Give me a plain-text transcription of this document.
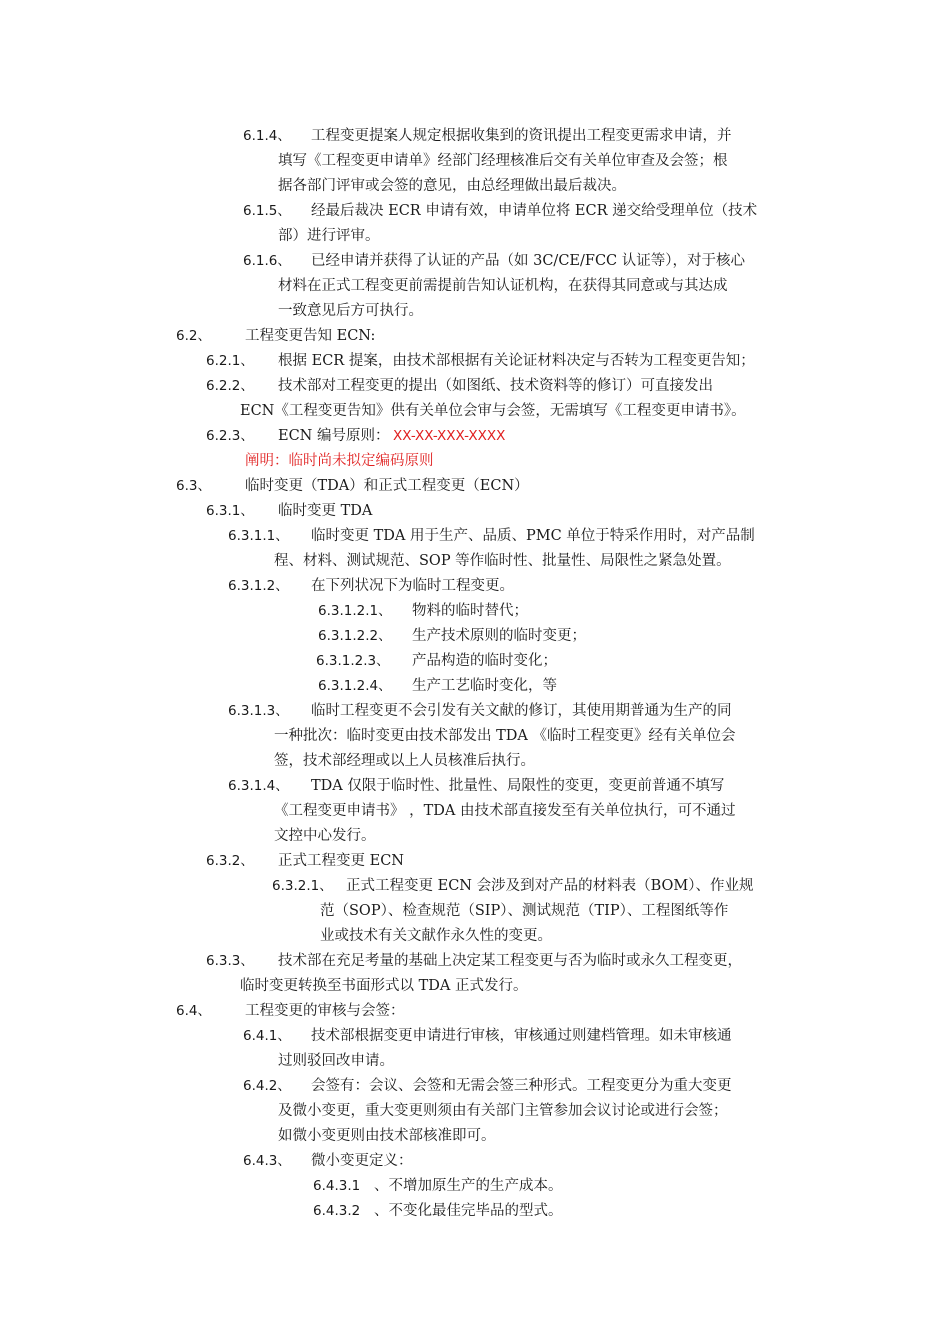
6.1.4、 工程变更提案人规定根据收集到的资讯提出工程变更需求申请，并
填写《工程变更申请单》经部门经理核准后交有关单位审查及会签；根
据各部门评审或会签的意见，由总经理做出最后裁决。
6.1.5、 经最后裁决 ECR 申请有效，申请单位将 ECR 递交给受理单位（技术
部）进行评审。
6.1.6、 已经申请并获得了认证的产品（如 3C/CE/FCC 认证等），对于核心
材料在正式工程变更前需提前告知认证机构，在获得其同意或与其达成
一致意见后方可执行。
6.2、 工程变更告知 ECN:
6.2.1、 根据 ECR 提案，由技术部根据有关论证材料决定与否转为工程变更告知；
6.2.2、 技术部对工程变更的提出（如图纸、技术资料等的修订）可直接发出
ECN《工程变更告知》供有关单位会审与会签，无需填写《工程变更申请书》。
6.2.3、 ECN 编号原则： XX-XX-XXX-XXXX
阐明：临时尚未拟定编码原则
6.3、 临时变更（TDA）和正式工程变更（ECN）
6.3.1、 临时变更 TDA
6.3.1.1、 临时变更 TDA 用于生产、品质、PMC 单位于特采作用时，对产品制
程、材料、测试规范、SOP 等作临时性、批量性、局限性之紧急处置。
6.3.1.2、 在下列状况下为临时工程变更。
6.3.1.2.1、 物料的临时替代；
6.3.1.2.2、 生产技术原则的临时变更；
6.3.1.2.3、 产品构造的临时变化；
6.3.1.2.4、 生产工艺临时变化，等
6.3.1.3、 临时工程变更不会引发有关文献的修订，其使用期普通为生产的同
一种批次：临时变更由技术部发出 TDA 《临时工程变更》经有关单位会
签，技术部经理或以上人员核准后执行。
6.3.1.4、 TDA 仅限于临时性、批量性、局限性的变更，变更前普通不填写
《工程变更申请书》 ，TDA 由技术部直接发至有关单位执行，可不通过
文控中心发行。
6.3.2、 正式工程变更 ECN
6.3.2.1、 正式工程变更 ECN 会涉及到对产品的材料表（BOM）、作业规
范（SOP）、检查规范（SIP）、测试规范（TIP）、工程图纸等作
业或技术有关文献作永久性的变更。
6.3.3、 技术部在充足考量的基础上决定某工程变更与否为临时或永久工程变更，
临时变更转换至书面形式以 TDA 正式发行。
6.4、 工程变更的审核与会签：
6.4.1、 技术部根据变更申请进行审核，审核通过则建档管理。如未审核通
过则驳回改申请。
6.4.2、 会签有：会议、会签和无需会签三种形式。工程变更分为重大变更
及微小变更，重大变更则须由有关部门主管参加会议讨论或进行会签；
如微小变更则由技术部核准即可。
6.4.3、 微小变更定义：
6.4.3.1 、不增加原生产的生产成本。
6.4.3.2 、不变化最佳完毕品的型式。
